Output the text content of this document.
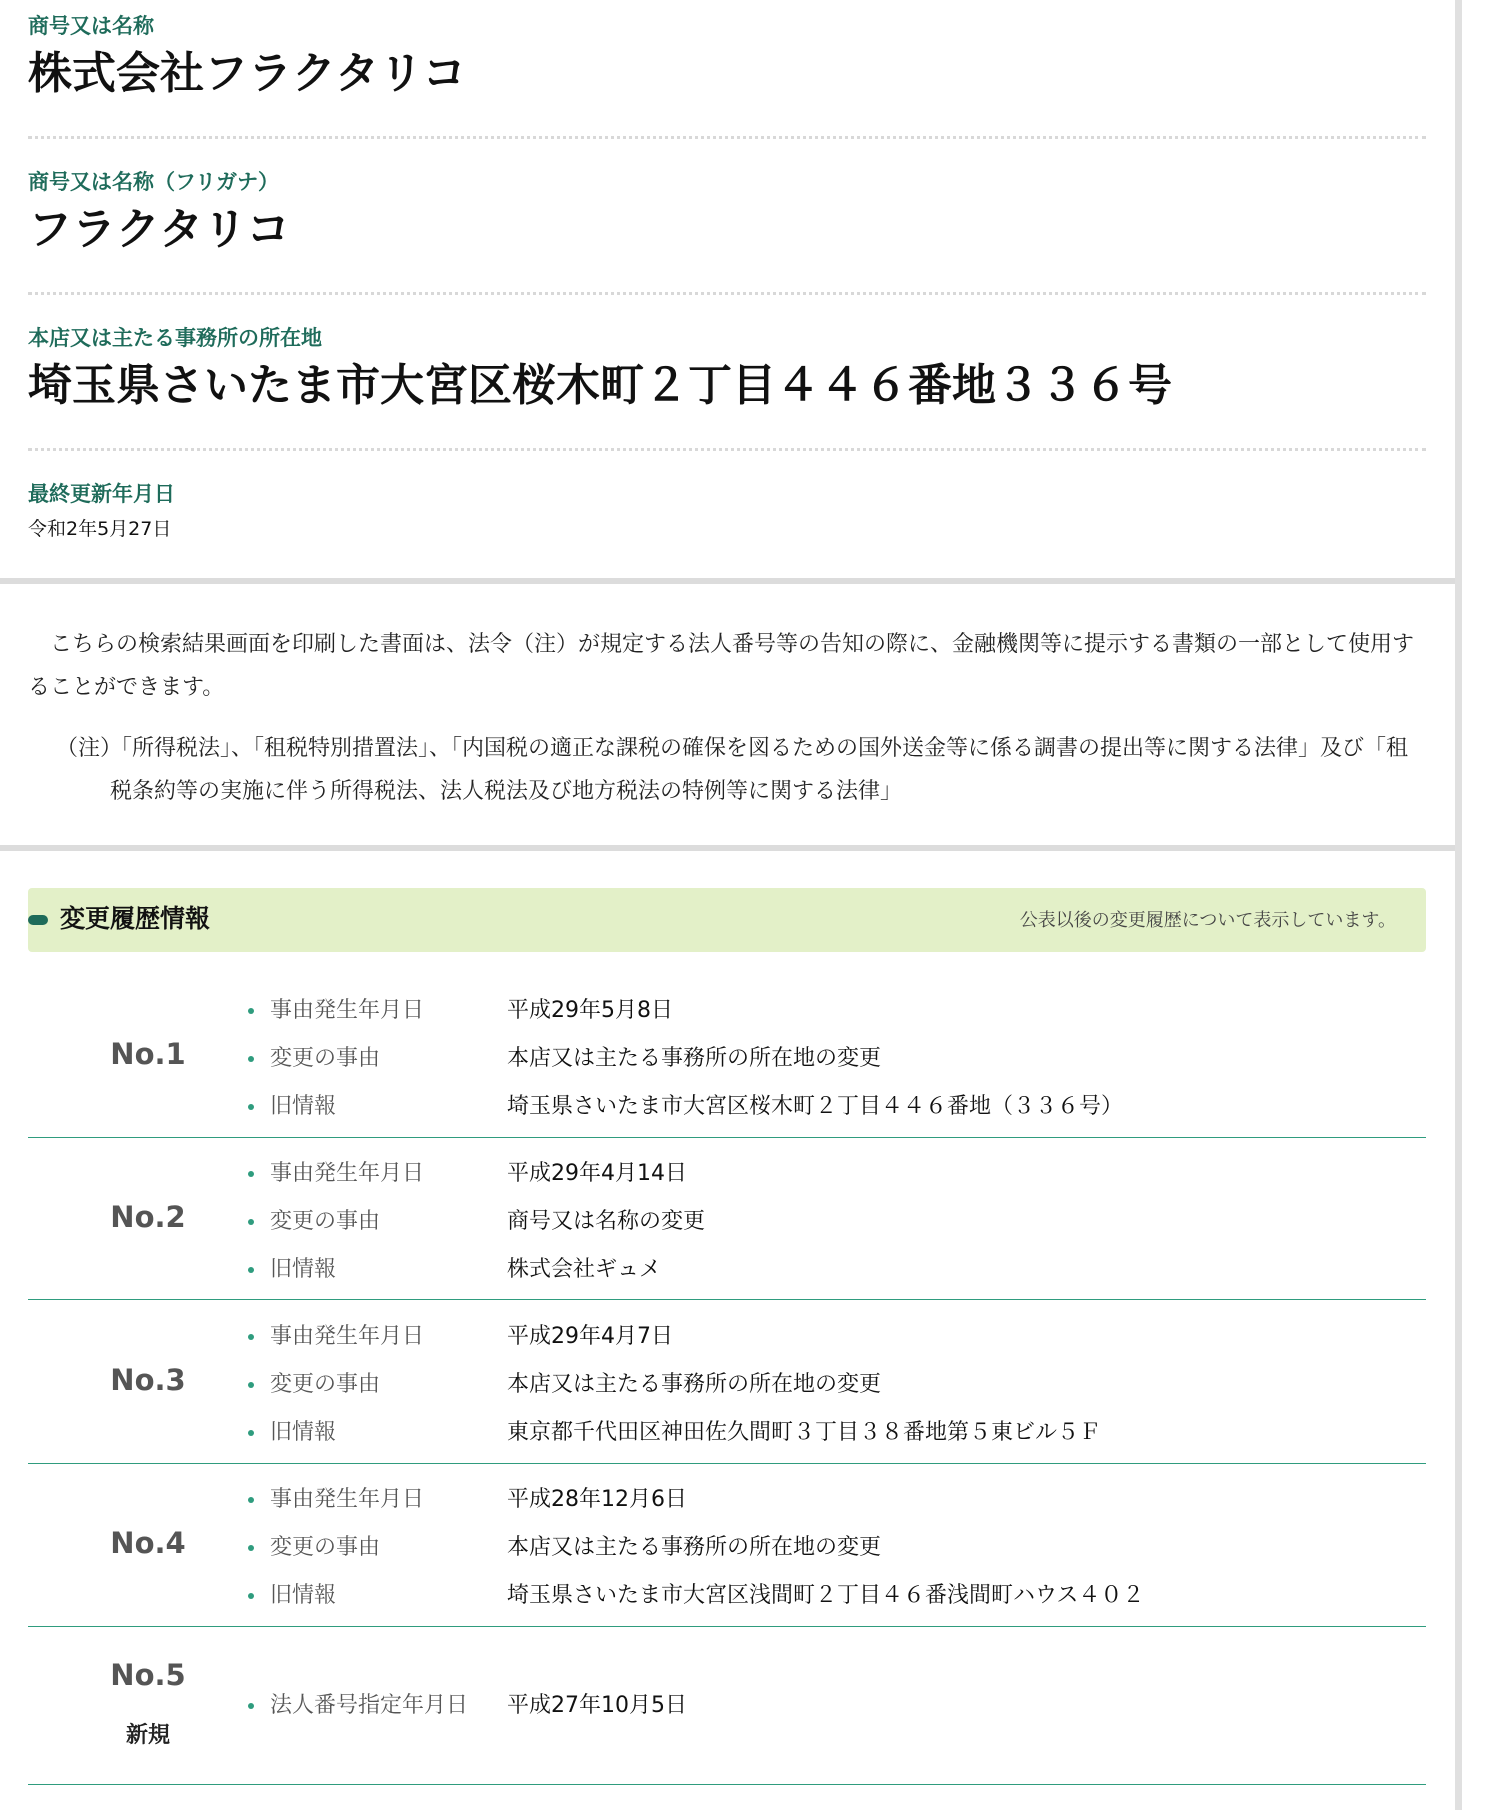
商号又は名称
株式会社フラクタリコ
商号又は名称（フリガナ）
フラクタリコ
本店又は主たる事務所の所在地
埼玉県さいたま市大宮区桜木町２丁目４４６番地３３６号
最終更新年月日
令和2年5月27日

こちらの検索結果画面を印刷した書面は、法令（注）が規定する法人番号等の告知の際に、金融機関等に提示する書類の一部として使用することができます。

（注）
「所得税法」、「租税特別措置法」、「内国税の適正な課税の確保を図るための国外送金等に係る調書の提出等に関する法律」及び「租税条約等の実施に伴う所得税法、法人税法及び地方税法の特例等に関する法律」
変更履歴情報	公表以後の変更履歴について表示しています。
No.1
事由発生年月日	平成29年5月8日
変更の事由	本店又は主たる事務所の所在地の変更
旧情報	埼玉県さいたま市大宮区桜木町２丁目４４６番地（３３６号）
No.2
事由発生年月日	平成29年4月14日
変更の事由	商号又は名称の変更
旧情報	株式会社ギュメ
No.3
事由発生年月日	平成29年4月7日
変更の事由	本店又は主たる事務所の所在地の変更
旧情報	東京都千代田区神田佐久間町３丁目３８番地第５東ビル５Ｆ
No.4
事由発生年月日	平成28年12月6日
変更の事由	本店又は主たる事務所の所在地の変更
旧情報	埼玉県さいたま市大宮区浅間町２丁目４６番浅間町ハウス４０２
No.5
新規
法人番号指定年月日 平成27年10月5日
